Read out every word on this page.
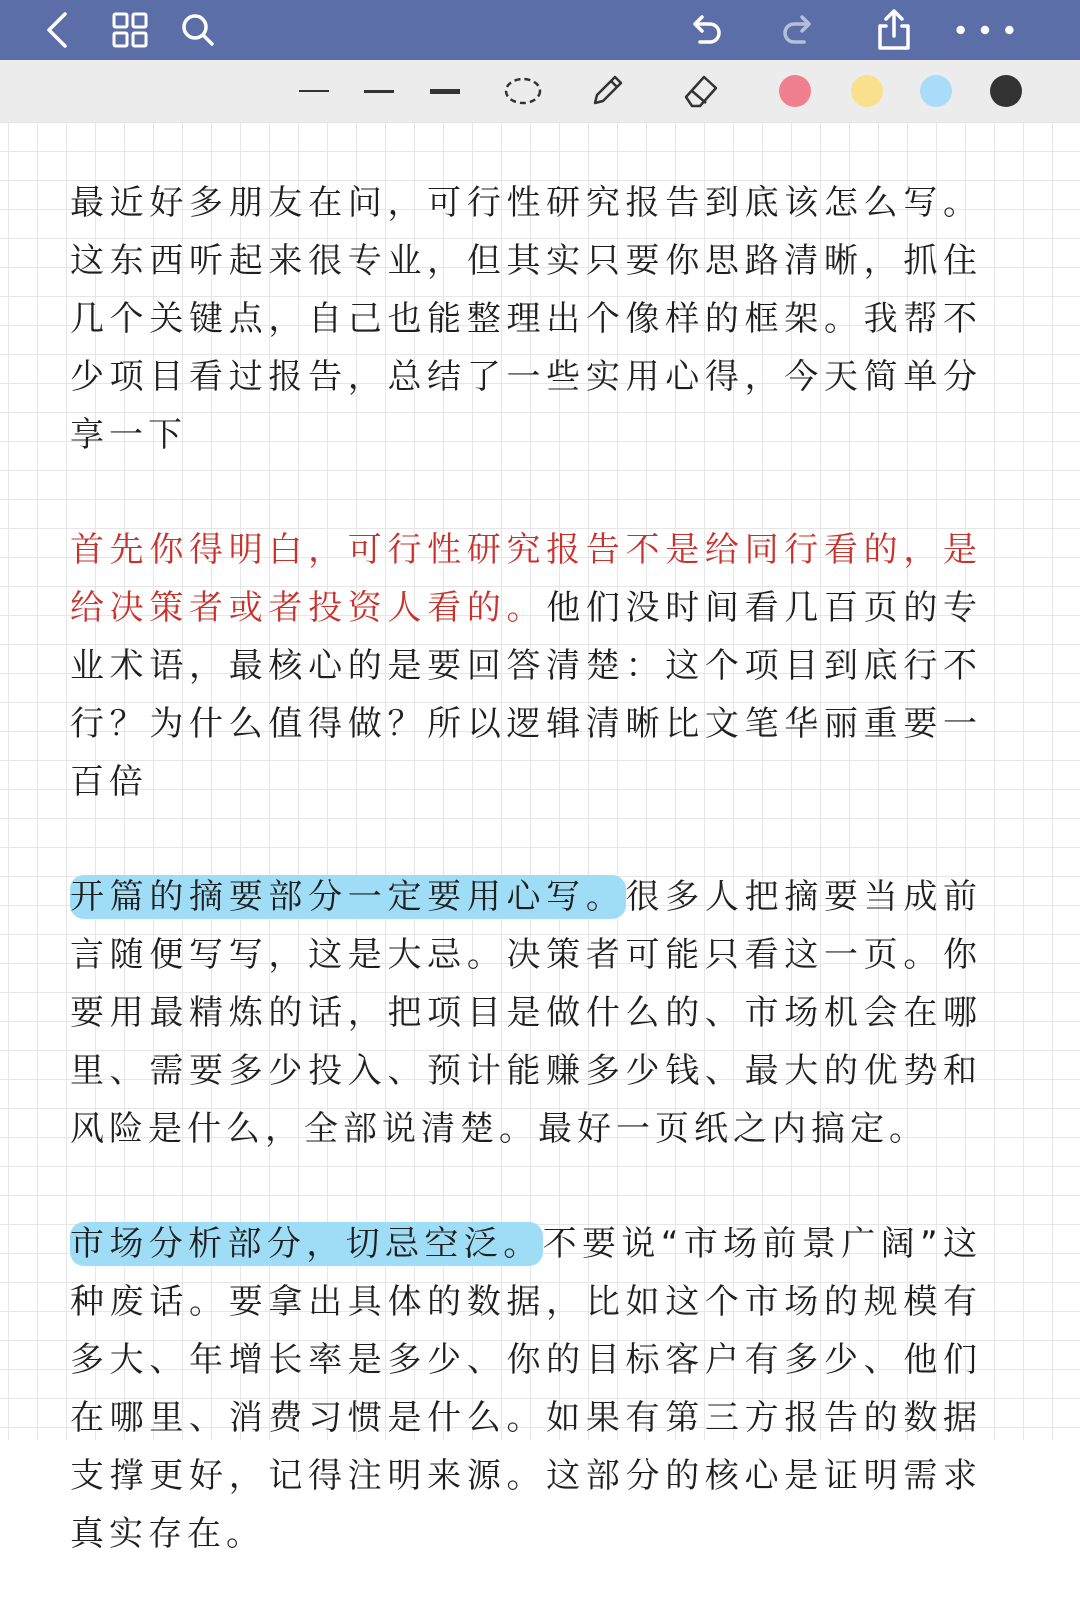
最近好多朋友在问，可行性研究报告到底该怎么写。这东西听起来很专业，但其实只要你思路清晰，抓住几个关键点，自己也能整理出个像样的框架。我帮不少项目看过报告，总结了一些实用心得，今天简单分享一下

首先你得明白，可行性研究报告不是给同行看的，是给决策者或者投资人看的。他们没时间看几百页的专业术语，最核心的是要回答清楚：这个项目到底行不行？为什么值得做？所以逻辑清晰比文笔华丽重要一百倍

开篇的摘要部分一定要用心写。很多人把摘要当成前言随便写写，这是大忌。决策者可能只看这一页。你要用最精炼的话，把项目是做什么的、市场机会在哪里、需要多少投入、预计能赚多少钱、最大的优势和风险是什么，全部说清楚。最好一页纸之内搞定。

市场分析部分，切忌空泛。不要说“市场前景广阔”这种废话。要拿出具体的数据，比如这个市场的规模有多大、年增长率是多少、你的目标客户有多少、他们在哪里、消费习惯是什么。如果有第三方报告的数据支撑更好，记得注明来源。这部分的核心是证明需求真实存在。
